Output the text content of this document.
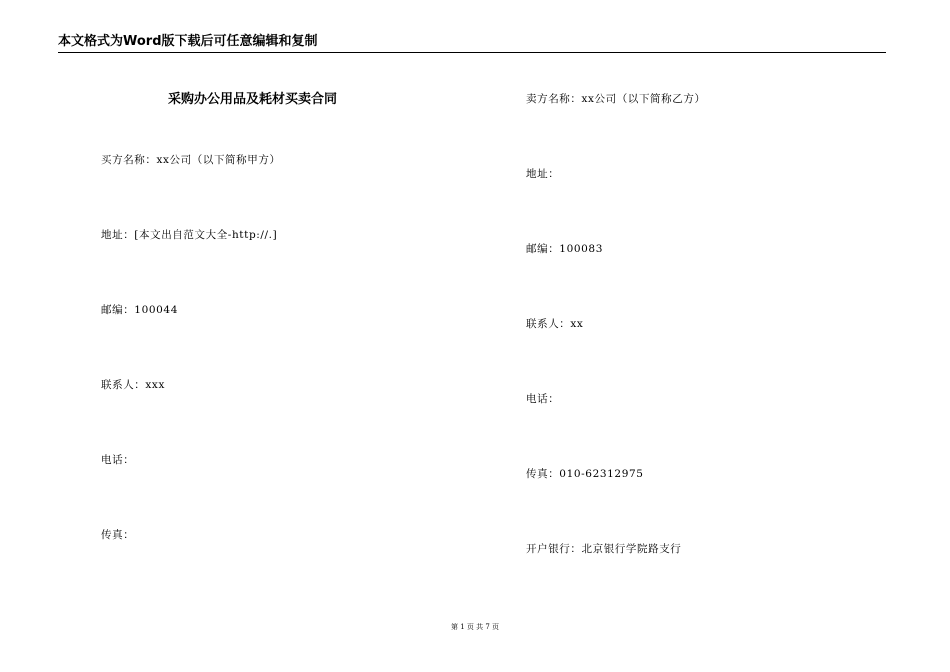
本文格式为Word版下载后可任意编辑和复制
采购办公用品及耗材买卖合同
买方名称：xx公司（以下简称甲方）
地址：[本文出自范文大全-http://.]
邮编：100044
联系人：xxx
电话：
传真：
卖方名称：xx公司（以下简称乙方）
地址：
邮编：100083
联系人：xx
电话：
传真：010-62312975
开户银行：北京银行学院路支行
第 1 页 共 7 页
